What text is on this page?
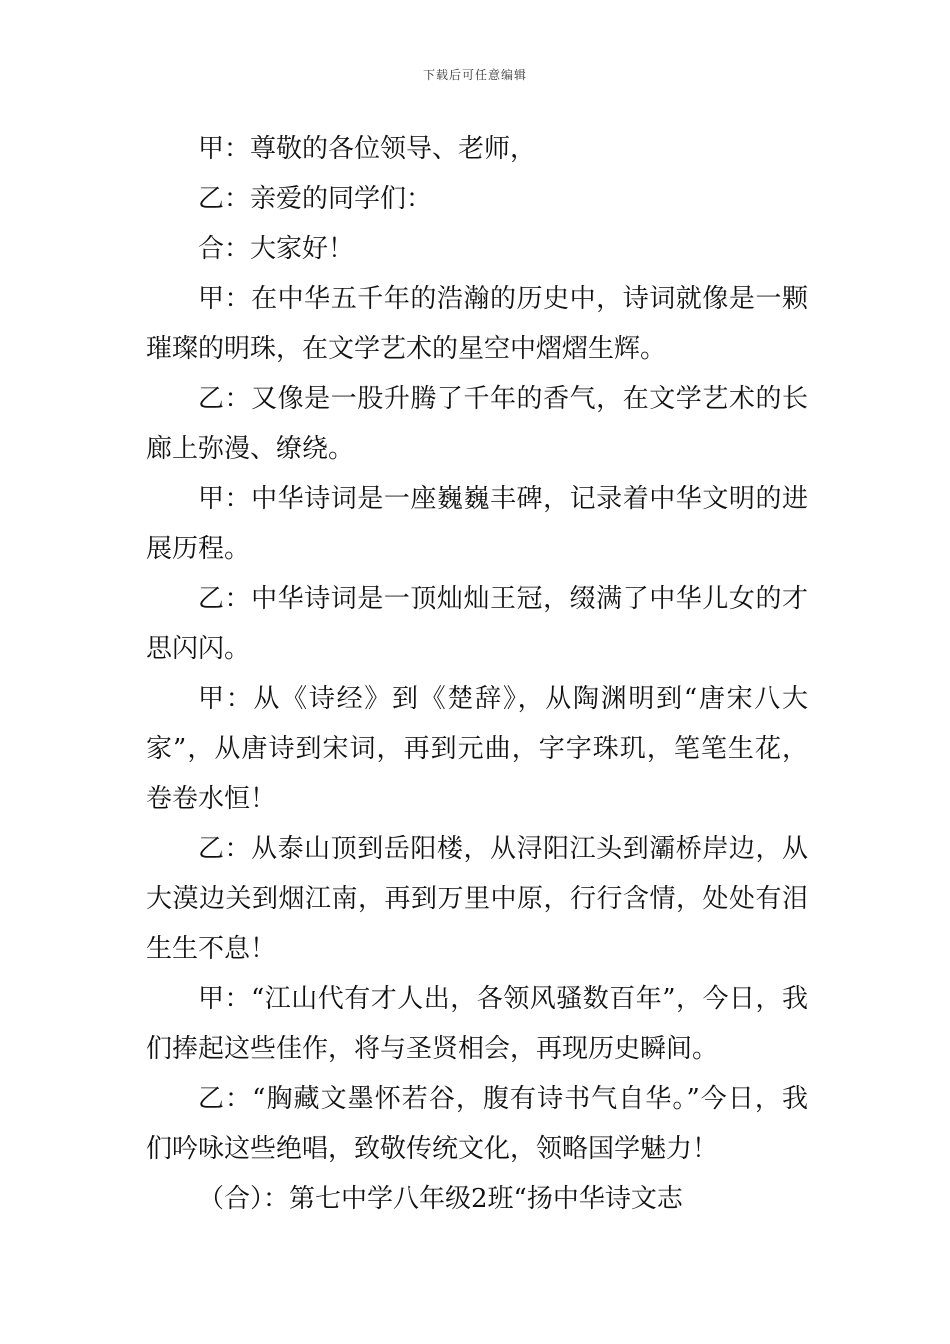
下载后可任意编辑

甲：尊敬的各位领导、老师，

乙：亲爱的同学们：

合：大家好！

甲：在中华五千年的浩瀚的历史中，诗词就像是一颗璀璨的明珠，在文学艺术的星空中熠熠生辉。

乙：又像是一股升腾了千年的香气，在文学艺术的长廊上弥漫、缭绕。

甲：中华诗词是一座巍巍丰碑，记录着中华文明的进展历程。

乙：中华诗词是一顶灿灿王冠，缀满了中华儿女的才思闪闪。

甲：从《诗经》到《楚辞》，从陶渊明到“唐宋八大家”，从唐诗到宋词，再到元曲，字字珠玑，笔笔生花，卷卷水恒！

乙：从泰山顶到岳阳楼，从浔阳江头到灞桥岸边，从大漠边关到烟江南，再到万里中原，行行含情，处处有泪生生不息！

甲：“江山代有才人出，各领风骚数百年”，今日，我们捧起这些佳作，将与圣贤相会，再现历史瞬间。

乙：“胸藏文墨怀若谷，腹有诗书气自华。”今日，我们吟咏这些绝唱，致敬传统文化，领略国学魅力！

（合）：第七中学八年级2班“扬中华诗文志
